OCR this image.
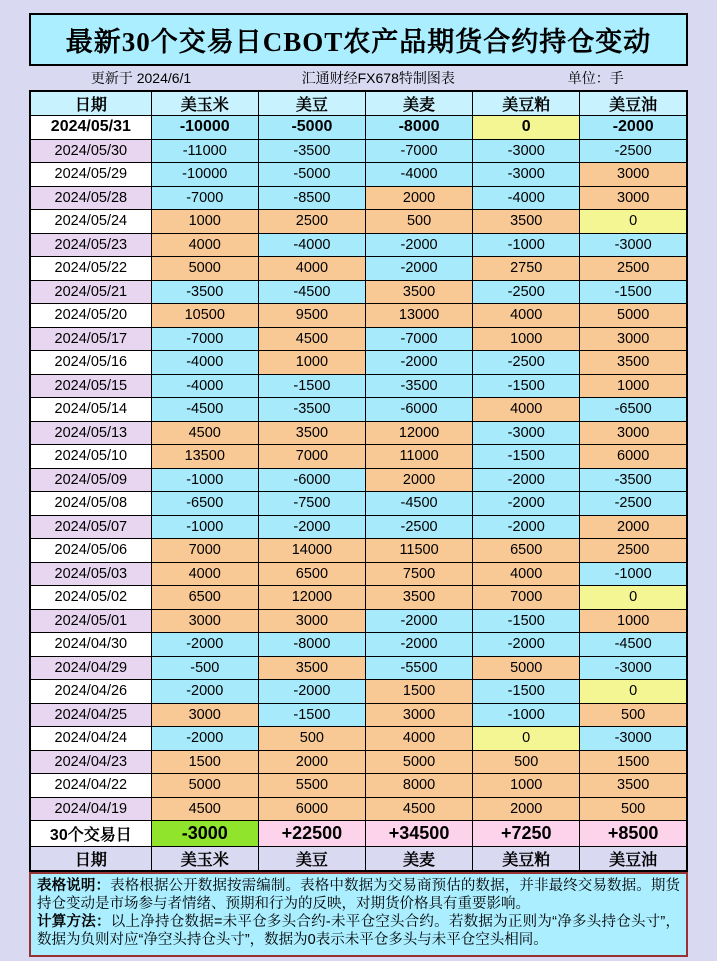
最新30个交易日CBOT农产品期货合约持仓变动
更新于 2024/6/1	汇通财经FX678特制图表	单位：手
日期	美玉米	美豆	美麦	美豆粕	美豆油
2024/05/31	-10000	-5000	-8000	0	-2000
2024/05/30	-11000	-3500	-7000	-3000	-2500
2024/05/29	-10000	-5000	-4000	-3000	3000
2024/05/28	-7000	-8500	2000	-4000	3000
2024/05/24	1000	2500	500	3500	0
2024/05/23	4000	-4000	-2000	-1000	-3000
2024/05/22	5000	4000	-2000	2750	2500
2024/05/21	-3500	-4500	3500	-2500	-1500
2024/05/20	10500	9500	13000	4000	5000
2024/05/17	-7000	4500	-7000	1000	3000
2024/05/16	-4000	1000	-2000	-2500	3500
2024/05/15	-4000	-1500	-3500	-1500	1000
2024/05/14	-4500	-3500	-6000	4000	-6500
2024/05/13	4500	3500	12000	-3000	3000
2024/05/10	13500	7000	11000	-1500	6000
2024/05/09	-1000	-6000	2000	-2000	-3500
2024/05/08	-6500	-7500	-4500	-2000	-2500
2024/05/07	-1000	-2000	-2500	-2000	2000
2024/05/06	7000	14000	11500	6500	2500
2024/05/03	4000	6500	7500	4000	-1000
2024/05/02	6500	12000	3500	7000	0
2024/05/01	3000	3000	-2000	-1500	1000
2024/04/30	-2000	-8000	-2000	-2000	-4500
2024/04/29	-500	3500	-5500	5000	-3000
2024/04/26	-2000	-2000	1500	-1500	0
2024/04/25	3000	-1500	3000	-1000	500
2024/04/24	-2000	500	4000	0	-3000
2024/04/23	1500	2000	5000	500	1500
2024/04/22	5000	5500	8000	1000	3500
2024/04/19	4500	6000	4500	2000	500
30个交易日	-3000	+22500	+34500	+7250	+8500
日期	美玉米	美豆	美麦	美豆粕	美豆油
表格说明：表格根据公开数据按需编制。表格中数据为交易商预估的数据，并非最终交易数据。期货持仓变动是市场参与者情绪、预期和行为的反映，对期货价格具有重要影响。
计算方法：以上净持仓数据=未平仓多头合约-未平仓空头合约。若数据为正则为“净多头持仓头寸”，数据为负则对应“净空头持仓头寸”，数据为0表示未平仓多头与未平仓空头相同。
